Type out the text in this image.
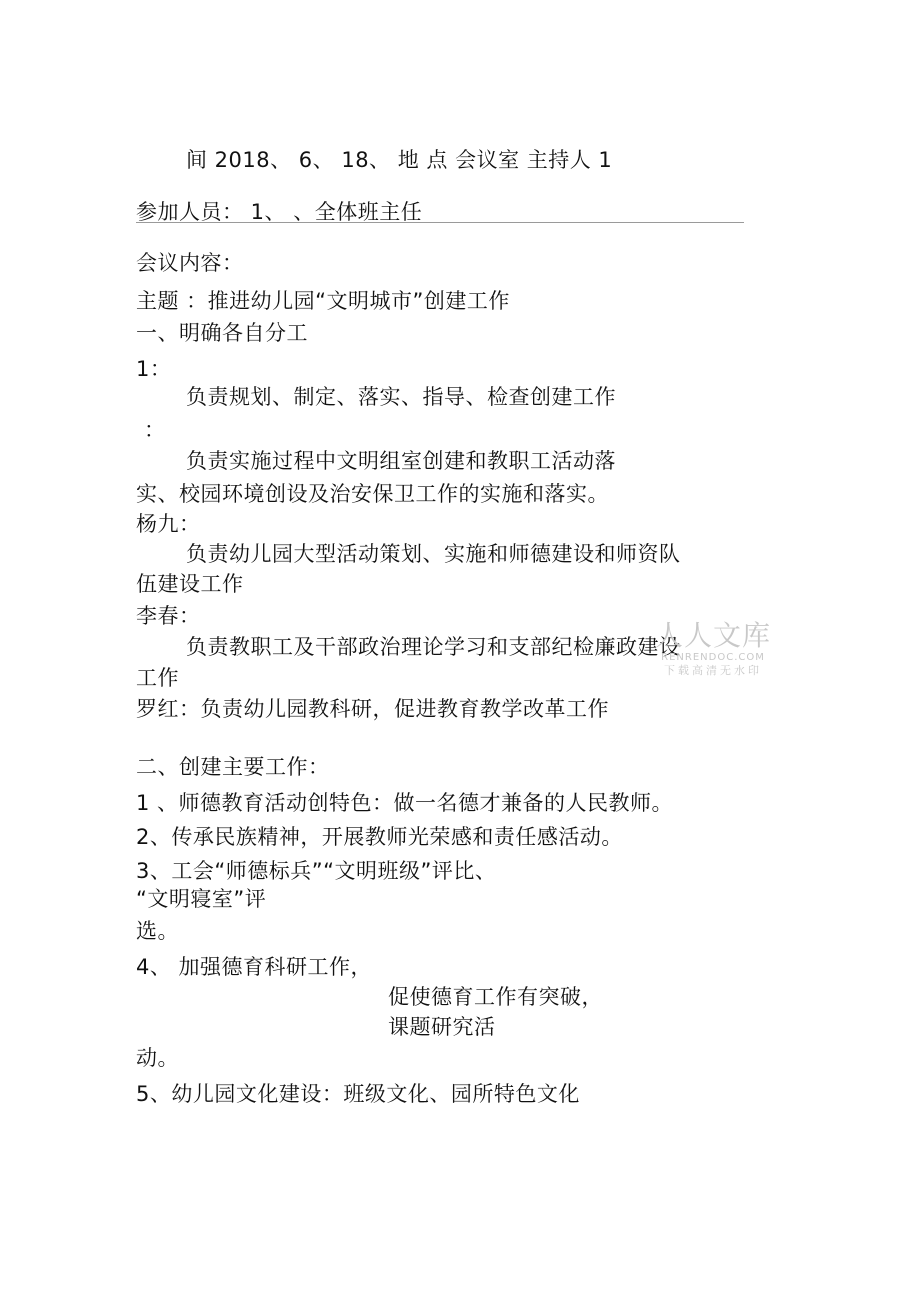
间 2018、 6、 18、 地 点 会议室 主持人 1
参加人员： 1、 、全体班主任
会议内容：
主题 ：推进幼儿园“文明城市”创建工作
一、明确各自分工
1：
负责规划、制定、落实、指导、检查创建工作
：
负责实施过程中文明组室创建和教职工活动落
实、校园环境创设及治安保卫工作的实施和落实。
杨九：
负责幼儿园大型活动策划、实施和师德建设和师资队
伍建设工作
李春：
负责教职工及干部政治理论学习和支部纪检廉政建设
工作
罗红：负责幼儿园教科研，促进教育教学改革工作
二、创建主要工作：
1 、师德教育活动创特色：做一名德才兼备的人民教师。
2、传承民族精神，开展教师光荣感和责任感活动。
3、工会“师德标兵”“文明班级”评比、
“文明寝室”评
选。
4、 加强德育科研工作，
促使德育工作有突破，
课题研究活
动。
5、幼儿园文化建设：班级文化、园所特色文化
人人文库
RENRENDOC.COM
下载高清无水印
